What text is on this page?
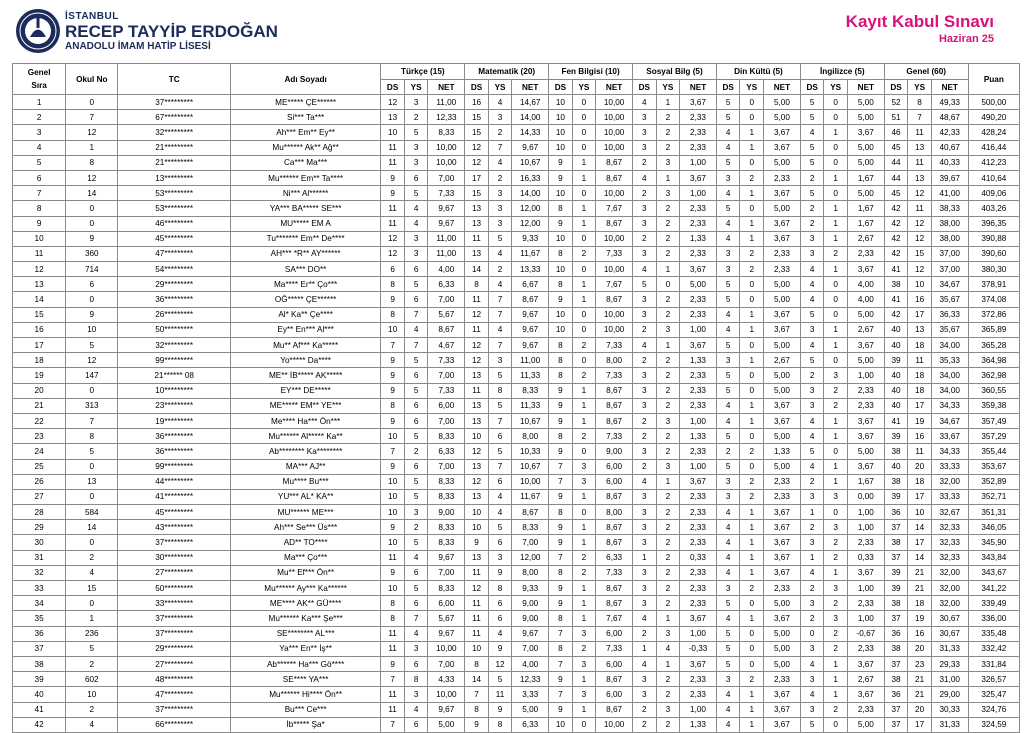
İSTANBUL
RECEP TAYYİP ERDOĞAN
ANADOLU İMAM HATİP LİSESİ
Kayıt Kabul Sınavı
Haziran 25
Genel
Sıra	Okul No	TC	Adı Soyadı	Türkçe (15)			Matematik (20)			Fen Bilgisi (10)			Sosyal Bilg (5)			Din Kültü (5)			İngilizce (5)			Genel (60)			Puan
				DS	YS	NET	DS	YS	NET	DS	YS	NET	DS	YS	NET	DS	YS	NET	DS	YS	NET	DS	YS	NET	
1	0	37*********	ME***** ÇE******	12	3	11,00	16	4	14,67	10	0	10,00	4	1	3,67	5	0	5,00	5	0	5,00	52	8	49,33	500,00
2	7	67*********	Si*** Ta***	13	2	12,33	15	3	14,00	10	0	10,00	3	2	2,33	5	0	5,00	5	0	5,00	51	7	48,67	490,20
3	12	32*********	Ah*** Em** Ey**	10	5	8,33	15	2	14,33	10	0	10,00	3	2	2,33	4	1	3,67	4	1	3,67	46	11	42,33	428,24
4	1	21*********	Mu****** Ak** Ağ**	11	3	10,00	12	7	9,67	10	0	10,00	3	2	2,33	4	1	3,67	5	0	5,00	45	13	40,67	416,44
5	8	21*********	Ca*** Ma***	11	3	10,00	12	4	10,67	9	1	8,67	2	3	1,00	5	0	5,00	5	0	5,00	44	11	40,33	412,23
6	12	13*********	Mu****** Em** Ta****	9	6	7,00	17	2	16,33	9	1	8,67	4	1	3,67	3	2	2,33	2	1	1,67	44	13	39,67	410,64
7	14	53*********	Ni*** Al******	9	5	7,33	15	3	14,00	10	0	10,00	2	3	1,00	4	1	3,67	5	0	5,00	45	12	41,00	409,06
8	0	53*********	YA*** BA***** SE***	11	4	9,67	13	3	12,00	8	1	7,67	3	2	2,33	5	0	5,00	2	1	1,67	42	11	38,33	403,26
9	0	46*********	MU***** EM A	11	4	9,67	13	3	12,00	9	1	8,67	3	2	2,33	4	1	3,67	2	1	1,67	42	12	38,00	396,35
10	9	45*********	Tu******* Em** De****	12	3	11,00	11	5	9,33	10	0	10,00	2	2	1,33	4	1	3,67	3	1	2,67	42	12	38,00	390,88
11	360	47*********	AH*** *R** AY******	12	3	11,00	13	4	11,67	8	2	7,33	3	2	2,33	3	2	2,33	3	2	2,33	42	15	37,00	390,60
12	714	54*********	SA*** DO**	6	6	4,00	14	2	13,33	10	0	10,00	4	1	3,67	3	2	2,33	4	1	3,67	41	12	37,00	380,30
13	6	29*********	Ma**** Er** Ço***	8	5	6,33	8	4	6,67	8	1	7,67	5	0	5,00	5	0	5,00	4	0	4,00	38	10	34,67	378,91
14	0	36*********	OĞ***** ÇE******	9	6	7,00	11	7	8,67	9	1	8,67	3	2	2,33	5	0	5,00	4	0	4,00	41	16	35,67	374,08
15	9	26*********	Al* Ka** Çe****	8	7	5,67	12	7	9,67	10	0	10,00	3	2	2,33	4	1	3,67	5	0	5,00	42	17	36,33	372,86
16	10	50*********	Ey** En*** Al***	10	4	8,67	11	4	9,67	10	0	10,00	2	3	1,00	4	1	3,67	3	1	2,67	40	13	35,67	365,89
17	5	32*********	Mu** Af*** Ka*****	7	7	4,67	12	7	9,67	8	2	7,33	4	1	3,67	5	0	5,00	4	1	3,67	40	18	34,00	365,28
18	12	99*********	Yo***** Da****	9	5	7,33	12	3	11,00	8	0	8,00	2	2	1,33	3	1	2,67	5	0	5,00	39	11	35,33	364,98
19	147	21****** 08	ME** İB***** AK*****	9	6	7,00	13	5	11,33	8	2	7,33	3	2	2,33	5	0	5,00	2	3	1,00	40	18	34,00	362,98
20	0	10*********	EY*** DE*****	9	5	7,33	11	8	8,33	9	1	8,67	3	2	2,33	5	0	5,00	3	2	2,33	40	18	34,00	360,55
21	313	23*********	ME***** EM** YE***	8	6	6,00	13	5	11,33	9	1	8,67	3	2	2,33	4	1	3,67	3	2	2,33	40	17	34,33	359,38
22	7	19*********	Me**** Ha*** Ön***	9	6	7,00	13	7	10,67	9	1	8,67	2	3	1,00	4	1	3,67	4	1	3,67	41	19	34,67	357,49
23	8	36*********	Mu****** Al***** Ka**	10	5	8,33	10	6	8,00	8	2	7,33	2	2	1,33	5	0	5,00	4	1	3,67	39	16	33,67	357,29
24	5	36*********	Ab******** Ka********	7	2	6,33	12	5	10,33	9	0	9,00	3	2	2,33	2	2	1,33	5	0	5,00	38	11	34,33	355,44
25	0	99*********	MA*** AJ**	9	6	7,00	13	7	10,67	7	3	6,00	2	3	1,00	5	0	5,00	4	1	3,67	40	20	33,33	353,67
26	13	44*********	Mu**** Bu***	10	5	8,33	12	6	10,00	7	3	6,00	4	1	3,67	3	2	2,33	2	1	1,67	38	18	32,00	352,89
27	0	41*********	YU*** AL* KA**	10	5	8,33	13	4	11,67	9	1	8,67	3	2	2,33	3	2	2,33	3	3	0,00	39	17	33,33	352,71
28	584	45*********	MU****** ME***	10	3	9,00	10	4	8,67	8	0	8,00	3	2	2,33	4	1	3,67	1	0	1,00	36	10	32,67	351,31
29	14	43*********	Ah*** Se*** Üs***	9	2	8,33	10	5	8,33	9	1	8,67	3	2	2,33	4	1	3,67	2	3	1,00	37	14	32,33	346,05
30	0	37*********	AD** TO****	10	5	8,33	9	6	7,00	9	1	8,67	3	2	2,33	4	1	3,67	3	2	2,33	38	17	32,33	345,90
31	2	30*********	Ma*** Ço***	11	4	9,67	13	3	12,00	7	2	6,33	1	2	0,33	4	1	3,67	1	2	0,33	37	14	32,33	343,84
32	4	27*********	Mu** Ef*** Ön**	9	6	7,00	11	9	8,00	8	2	7,33	3	2	2,33	4	1	3,67	4	1	3,67	39	21	32,00	343,67
33	15	50*********	Mu****** Ay*** Ka******	10	5	8,33	12	8	9,33	9	1	8,67	3	2	2,33	3	2	2,33	2	3	1,00	39	21	32,00	341,22
34	0	33*********	ME**** AK** GÜ****	8	6	6,00	11	6	9,00	9	1	8,67	3	2	2,33	5	0	5,00	3	2	2,33	38	18	32,00	339,49
35	1	37*********	Mu****** Ka*** Şe***	8	7	5,67	11	6	9,00	8	1	7,67	4	1	3,67	4	1	3,67	2	3	1,00	37	19	30,67	336,00
36	236	37*********	SE******** AL***	11	4	9,67	11	4	9,67	7	3	6,00	2	3	1,00	5	0	5,00	0	2	-0,67	36	16	30,67	335,48
37	5	29*********	Ya*** En** İş**	11	3	10,00	10	9	7,00	8	2	7,33	1	4	-0,33	5	0	5,00	3	2	2,33	38	20	31,33	332,42
38	2	27*********	Ab****** Ha*** Gö****	9	6	7,00	8	12	4,00	7	3	6,00	4	1	3,67	5	0	5,00	4	1	3,67	37	23	29,33	331,84
39	602	48*********	SE**** YA***	7	8	4,33	14	5	12,33	9	1	8,67	3	2	2,33	3	2	2,33	3	1	2,67	38	21	31,00	326,57
40	10	47*********	Mu****** Hi**** Ön**	11	3	10,00	7	11	3,33	7	3	6,00	3	2	2,33	4	1	3,67	4	1	3,67	36	21	29,00	325,47
41	2	37*********	Bu*** Ce***	11	4	9,67	8	9	5,00	9	1	8,67	2	3	1,00	4	1	3,67	3	2	2,33	37	20	30,33	324,76
42	4	66*********	İb***** Şa*	7	6	5,00	9	8	6,33	10	0	10,00	2	2	1,33	4	1	3,67	5	0	5,00	37	17	31,33	324,59
